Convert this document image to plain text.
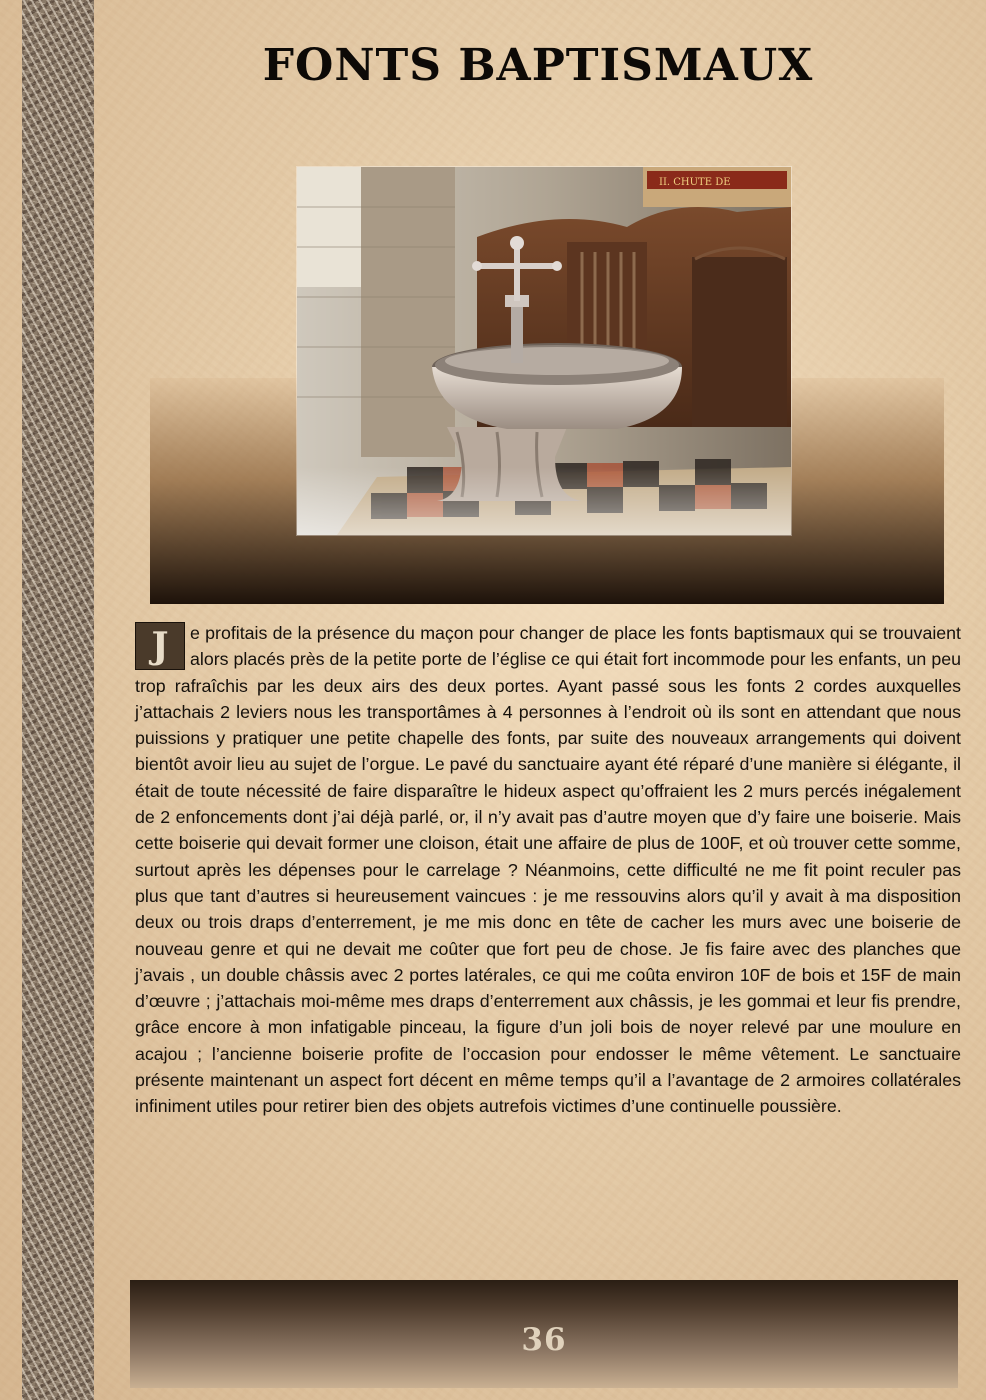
FONTS BAPTISMAUX
II. CHUTE DE

J	e profitais de la présence du maçon pour changer de place les fonts baptismaux qui se trouvaient alors placés près de la petite porte de l’église ce qui était fort incommode pour les enfants, un peu trop rafraîchis par les deux airs des deux portes. Ayant passé sous les fonts 2 cordes auxquelles j’attachais 2 leviers nous les transportâmes à 4 personnes à l’endroit où ils sont en attendant que nous puissions y pratiquer une petite chapelle des fonts, par suite des nouveaux arrangements qui doivent bientôt avoir lieu au sujet de l’orgue. Le pavé du sanctuaire ayant été réparé d’une manière si élégante, il était de toute nécessité de faire disparaître le hideux aspect qu’offraient les 2 murs percés inégalement de 2 enfoncements dont j’ai déjà parlé, or, il n’y avait pas d’autre moyen que d’y faire une boiserie. Mais cette boiserie qui devait former une cloison, était une affaire de plus de 100F, et où trouver cette somme, surtout après les dépenses pour le carrelage ? Néanmoins, cette difficulté ne me fit point reculer pas plus que tant d’autres si heureusement vaincues : je me ressouvins alors qu’il y avait à ma disposition deux ou trois draps d’enterrement, je me mis donc en tête de cacher les murs avec une boiserie de nouveau genre et qui ne devait me coûter que fort peu de chose. Je fis faire avec des planches que j’avais , un double châssis avec 2 portes latérales, ce qui me coûta environ 10F de bois et 15F de main d’œuvre ; j’attachais moi-même mes draps d’enterrement aux châssis, je les gommai et leur fis prendre, grâce encore à mon infatigable pinceau, la figure d’un joli bois de noyer relevé par une moulure en acajou ; l’ancienne boiserie profite de l’occasion pour endosser le même vêtement. Le sanctuaire présente maintenant un aspect fort décent en même temps qu’il a l’avantage de 2 armoires collatérales infiniment utiles pour retirer bien des objets autrefois victimes d’une continuelle poussière.

36
